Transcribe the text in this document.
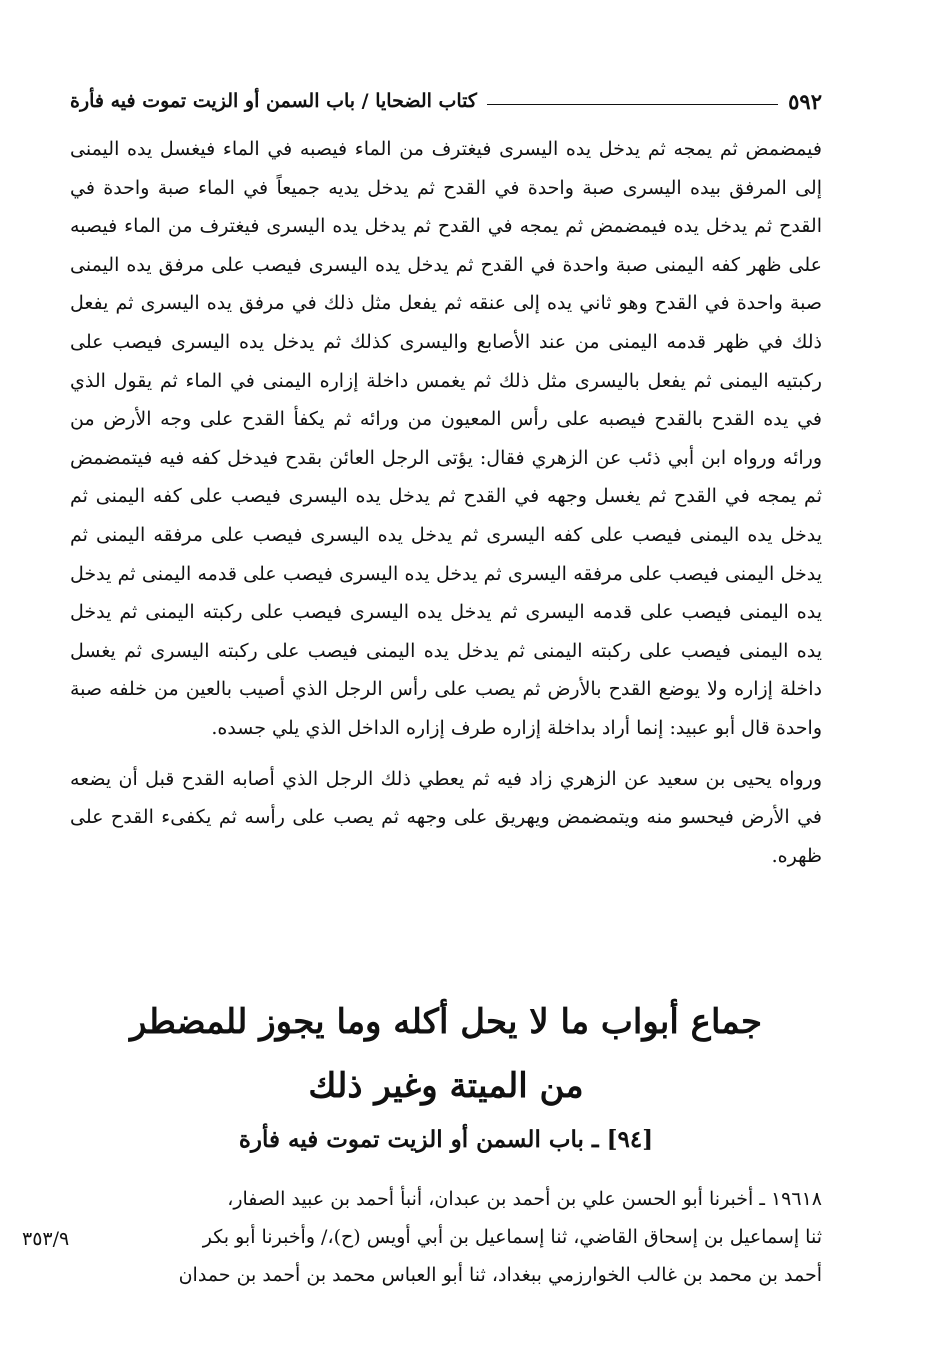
٥٩٢
كتاب الضحايا / باب السمن أو الزيت تموت فيه فأرة

فيمضمض ثم يمجه ثم يدخل يده اليسرى فيغترف من الماء فيصبه في الماء فيغسل يده اليمنى إلى المرفق بيده اليسرى صبة واحدة في القدح ثم يدخل يديه جميعاً في الماء صبة واحدة في القدح ثم يدخل يده فيمضمض ثم يمجه في القدح ثم يدخل يده اليسرى فيغترف من الماء فيصبه على ظهر كفه اليمنى صبة واحدة في القدح ثم يدخل يده اليسرى فيصب على مرفق يده اليمنى صبة واحدة في القدح وهو ثاني يده إلى عنقه ثم يفعل مثل ذلك في مرفق يده اليسرى ثم يفعل ذلك في ظهر قدمه اليمنى من عند الأصابع واليسرى كذلك ثم يدخل يده اليسرى فيصب على ركبتيه اليمنى ثم يفعل باليسرى مثل ذلك ثم يغمس داخلة إزاره اليمنى في الماء ثم يقول الذي في يده القدح بالقدح فيصبه على رأس المعيون من ورائه ثم يكفأ القدح على وجه الأرض من ورائه ورواه ابن أبي ذئب عن الزهري فقال: يؤتى الرجل العائن بقدح فيدخل كفه فيه فيتمضمض ثم يمجه في القدح ثم يغسل وجهه في القدح ثم يدخل يده اليسرى فيصب على كفه اليمنى ثم يدخل يده اليمنى فيصب على كفه اليسرى ثم يدخل يده اليسرى فيصب على مرفقه اليمنى ثم يدخل اليمنى فيصب على مرفقه اليسرى ثم يدخل يده اليسرى فيصب على قدمه اليمنى ثم يدخل يده اليمنى فيصب على قدمه اليسرى ثم يدخل يده اليسرى فيصب على ركبته اليمنى ثم يدخل يده اليمنى فيصب على ركبته اليمنى ثم يدخل يده اليمنى فيصب على ركبته اليسرى ثم يغسل داخلة إزاره ولا يوضع القدح بالأرض ثم يصب على رأس الرجل الذي أصيب بالعين من خلفه صبة واحدة قال أبو عبيد: إنما أراد بداخلة إزاره طرف إزاره الداخل الذي يلي جسده.

ورواه يحيى بن سعيد عن الزهري زاد فيه ثم يعطي ذلك الرجل الذي أصابه القدح قبل أن يضعه في الأرض فيحسو منه ويتمضمض ويهريق على وجهه ثم يصب على رأسه ثم يكفىء القدح على ظهره.

جماع أبواب ما لا يحل أكله وما يجوز للمضطر
من الميتة وغير ذلك
[٩٤] ـ باب السمن أو الزيت تموت فيه فأرة
١٩٦١٨ ـ أخبرنا أبو الحسن علي بن أحمد بن عبدان، أنبأ أحمد بن عبيد الصفار،
ثنا إسماعيل بن إسحاق القاضي، ثنا إسماعيل بن أبي أويس (ح)،/ وأخبرنا أبو بكر
أحمد بن محمد بن غالب الخوارزمي ببغداد، ثنا أبو العباس محمد بن أحمد بن حمدان
٣٥٣/٩
